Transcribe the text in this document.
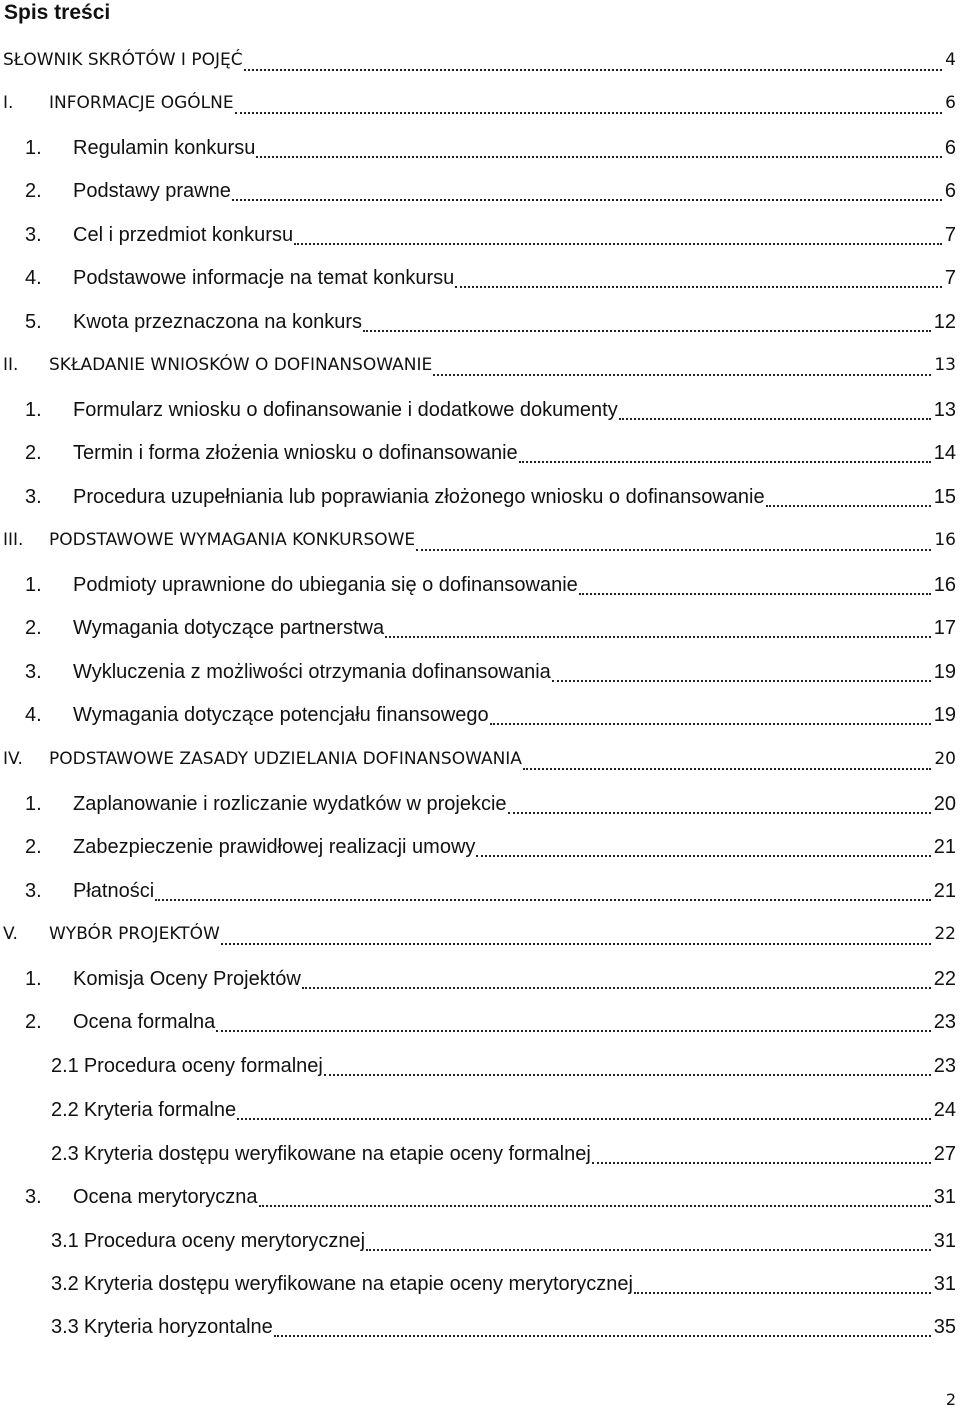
Spis treści
SŁOWNIK SKRÓTÓW I POJĘĆ	4
I.	INFORMACJE OGÓLNE	6
1.	Regulamin konkursu	6
2.	Podstawy prawne	6
3.	Cel i przedmiot konkursu	7
4.	Podstawowe informacje na temat konkursu	7
5.	Kwota przeznaczona na konkurs	12
II.	SKŁADANIE WNIOSKÓW O DOFINANSOWANIE	13
1.	Formularz wniosku o dofinansowanie i dodatkowe dokumenty	13
2.	Termin i forma złożenia wniosku o dofinansowanie	14
3.	Procedura uzupełniania lub poprawiania złożonego wniosku o dofinansowanie	15
III.	PODSTAWOWE WYMAGANIA KONKURSOWE	16
1.	Podmioty uprawnione do ubiegania się o dofinansowanie	16
2.	Wymagania dotyczące partnerstwa	17
3.	Wykluczenia z możliwości otrzymania dofinansowania	19
4.	Wymagania dotyczące potencjału finansowego	19
IV.	PODSTAWOWE ZASADY UDZIELANIA DOFINANSOWANIA	20
1.	Zaplanowanie i rozliczanie wydatków w projekcie	20
2.	Zabezpieczenie prawidłowej realizacji umowy	21
3.	Płatności	21
V.	WYBÓR PROJEKTÓW	22
1.	Komisja Oceny Projektów	22
2.	Ocena formalna	23
2.1 Procedura oceny formalnej	23
2.2 Kryteria formalne	24
2.3 Kryteria dostępu weryfikowane na etapie oceny formalnej	27
3.	Ocena merytoryczna	31
3.1 Procedura oceny merytorycznej	31
3.2 Kryteria dostępu weryfikowane na etapie oceny merytorycznej	31
3.3 Kryteria horyzontalne	35
2
